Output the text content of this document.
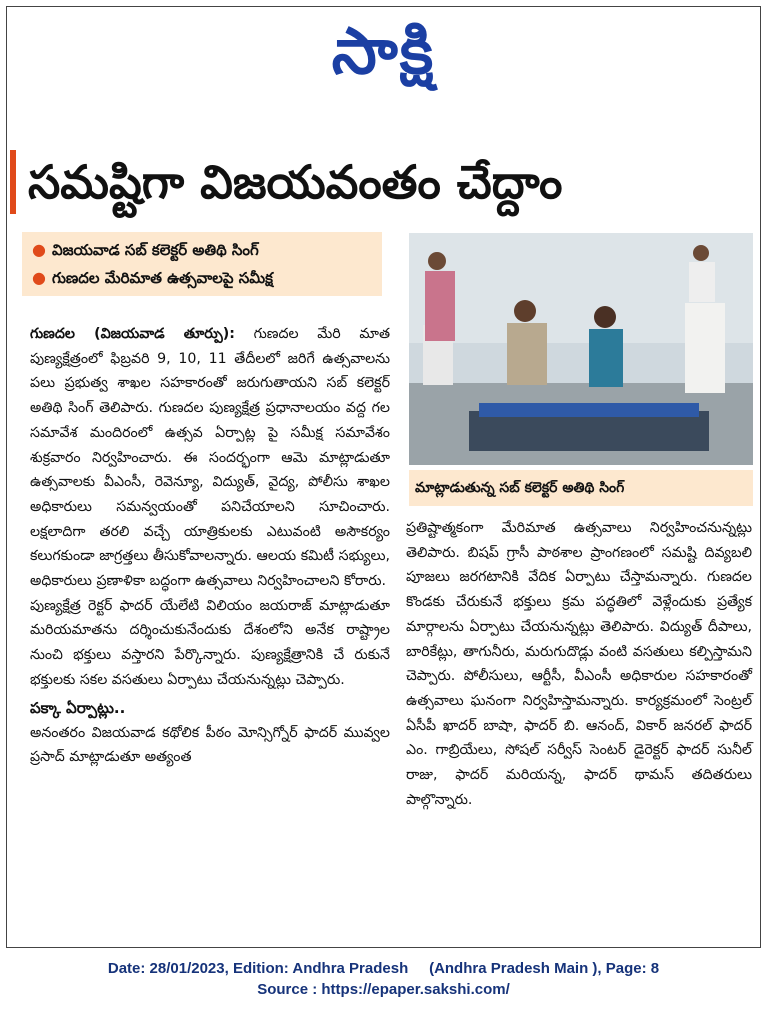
సాక్షి
సమష్టిగా విజయవంతం చేద్దాం
● విజయవాడ సబ్ కలెక్టర్ అతిథి సింగ్
● గుణదల మేరిమాత ఉత్సవాలపై సమీక్ష

గుణదల (విజయవాడ తూర్పు): గుణదల మేరి మాత పుణ్యక్షేత్రంలో ఫిబ్రవరి 9, 10, 11 తేదీలలో జరిగే ఉత్సవాలను పలు ప్రభుత్వ శాఖల సహకారంతో జరుగుతాయని సబ్ కలెక్టర్ అతిథి సింగ్ తెలిపారు. గుణదల పుణ్యక్షేత్ర ప్రధానాలయం వద్ద గల సమావేశ మందిరంలో ఉత్సవ ఏర్పాట్ల పై సమీక్ష సమావేశం శుక్రవారం నిర్వహించారు. ఈ సందర్భంగా ఆమె మాట్లాడుతూ ఉత్సవాలకు వీఎంసీ, రెవెన్యూ, విద్యుత్, వైద్య, పోలీసు శాఖల అధికారులు సమన్వయంతో పనిచేయాలని సూచించారు. లక్షలాదిగా తరలి వచ్చే యాత్రికులకు ఎటువంటి అసౌకర్యం కలుగకుండా జాగ్రత్తలు తీసుకోవాలన్నారు. ఆలయ కమిటీ సభ్యులు, అధికారులు ప్రణాళికా బద్ధంగా ఉత్సవాలు నిర్వహించాలని కోరారు.

పుణ్యక్షేత్ర రెక్టర్ ఫాదర్ యేలేటి విలియం జయరాజ్ మాట్లాడుతూ మరియమాతను దర్శించుకునేందుకు దేశంలోని అనేక రాష్ట్రాల నుంచి భక్తులు వస్తారని పేర్కొన్నారు. పుణ్యక్షేత్రానికి చే రుకునే భక్తులకు సకల వసతులు ఏర్పాటు చేయనున్నట్లు చెప్పారు.

పక్కా ఏర్పాట్లు..

అనంతరం విజయవాడ కథోలిక పీఠం మోన్సిగ్నోర్ ఫాదర్ మువ్వల ప్రసాద్ మాట్లాడుతూ అత్యంత

మాట్లాడుతున్న సబ్ కలెక్టర్ అతిథి సింగ్

ప్రతిష్టాత్మకంగా మేరిమాత ఉత్సవాలు నిర్వహించనున్నట్లు తెలిపారు. బిషప్ గ్రాసీ పాఠశాల ప్రాంగణంలో సమష్టి దివ్యబలి పూజలు జరగటానికి వేదిక ఏర్పాటు చేస్తామన్నారు. గుణదల కొండకు చేరుకునే భక్తులు క్రమ పద్ధతిలో వెళ్లేందుకు ప్రత్యేక మార్గాలను ఏర్పాటు చేయనున్నట్లు తెలిపారు. విద్యుత్ దీపాలు, బారికేట్లు, తాగునీరు, మరుగుదొడ్లు వంటి వసతులు కల్పిస్తామని చెప్పారు. పోలీసులు, ఆర్టీసీ, వీఎంసీ అధికారుల సహకారంతో ఉత్సవాలు ఘనంగా నిర్వహిస్తామన్నారు. కార్యక్రమంలో సెంట్రల్ ఏసీపీ ఖాదర్ బాషా, ఫాదర్ బి. ఆనంద్, వికార్ జనరల్ ఫాదర్ ఎం. గాబ్రియేలు, సోషల్ సర్వీస్ సెంటర్ డైరెక్టర్ ఫాదర్ సునీల్ రాజు, ఫాదర్ మరియన్న, ఫాదర్ థామస్ తదితరులు పాల్గొన్నారు.

Date: 28/01/2023, Edition: Andhra Pradesh     (Andhra Pradesh Main ), Page: 8
Source : https://epaper.sakshi.com/
